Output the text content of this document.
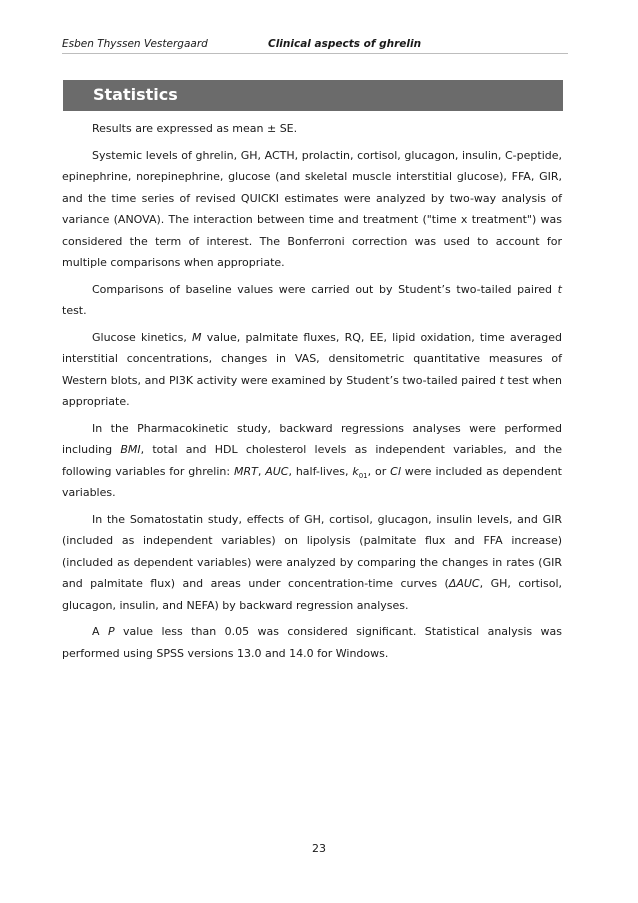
Esben Thyssen Vestergaard	Clinical aspects of ghrelin
Statistics

Results are expressed as mean ± SE.

Systemic levels of ghrelin, GH, ACTH, prolactin, cortisol, glucagon, insulin, C-peptide, epinephrine, norepinephrine, glucose (and skeletal muscle interstitial glucose), FFA, GIR, and the time series of revised QUICKI estimates were analyzed by two-way analysis of variance (ANOVA). The interaction between time and treatment ("time x treatment") was considered the term of interest. The Bonferroni correction was used to account for multiple comparisons when appropriate.

Comparisons of baseline values were carried out by Student’s two-tailed paired t test.

Glucose kinetics, M value, palmitate fluxes, RQ, EE, lipid oxidation, time averaged interstitial concentrations, changes in VAS, densitometric quantitative measures of Western blots, and PI3K activity were examined by Student’s two-tailed paired t test when appropriate.

In the Pharmacokinetic study, backward regressions analyses were performed including BMI, total and HDL cholesterol levels as independent variables, and the following variables for ghrelin: MRT, AUC, half-lives, $k_{01}$, or Cl were included as dependent variables.

In the Somatostatin study, effects of GH, cortisol, glucagon, insulin levels, and GIR (included as independent variables) on lipolysis (palmitate flux and FFA increase) (included as dependent variables) were analyzed by comparing the changes in rates (GIR and palmitate flux) and areas under concentration-time curves (ΔAUC, GH, cortisol, glucagon, insulin, and NEFA) by backward regression analyses.

A P value less than 0.05 was considered significant. Statistical analysis was performed using SPSS versions 13.0 and 14.0 for Windows.

23
